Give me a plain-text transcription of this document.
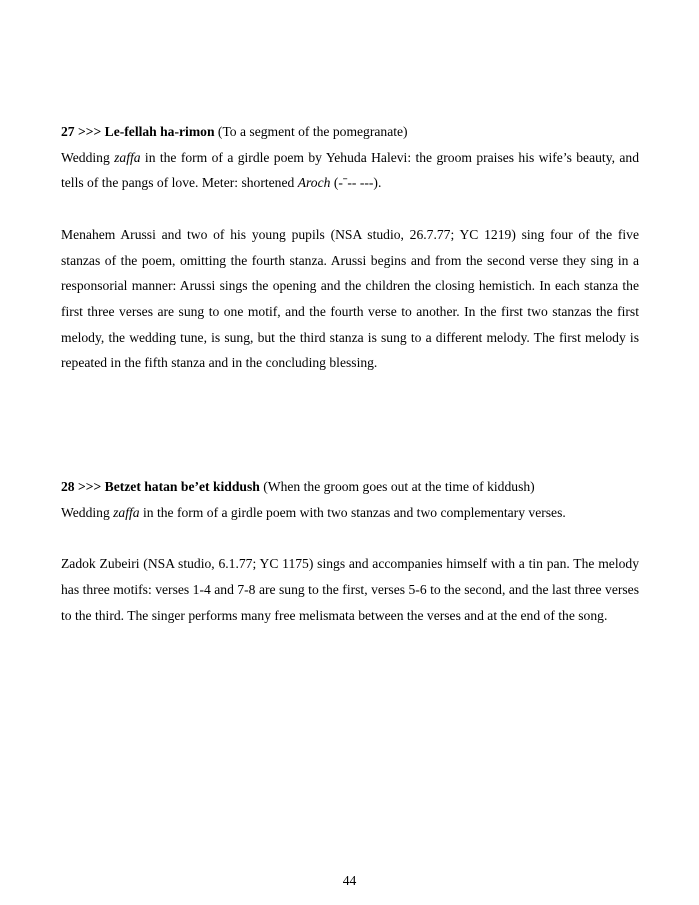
27 >>> Le-fellah ha-rimon (To a segment of the pomegranate)

Wedding zaffa in the form of a girdle poem by Yehuda Halevi: the groom praises his wife’s beauty, and tells of the pangs of love. Meter: shortened Aroch (-ˉ-- ---).

Menahem Arussi and two of his young pupils (NSA studio, 26.7.77; YC 1219) sing four of the five stanzas of the poem, omitting the fourth stanza. Arussi begins and from the second verse they sing in a responsorial manner: Arussi sings the opening and the children the closing hemistich. In each stanza the first three verses are sung to one motif, and the fourth verse to another. In the first two stanzas the first melody, the wedding tune, is sung, but the third stanza is sung to a different melody. The first melody is repeated in the fifth stanza and in the concluding blessing.

28 >>> Betzet hatan be’et kiddush (When the groom goes out at the time of kiddush)

Wedding zaffa in the form of a girdle poem with two stanzas and two complementary verses.

Zadok Zubeiri (NSA studio, 6.1.77; YC 1175) sings and accompanies himself with a tin pan. The melody has three motifs: verses 1-4 and 7-8 are sung to the first, verses 5-6 to the second, and the last three verses to the third. The singer performs many free melismata between the verses and at the end of the song.

44
